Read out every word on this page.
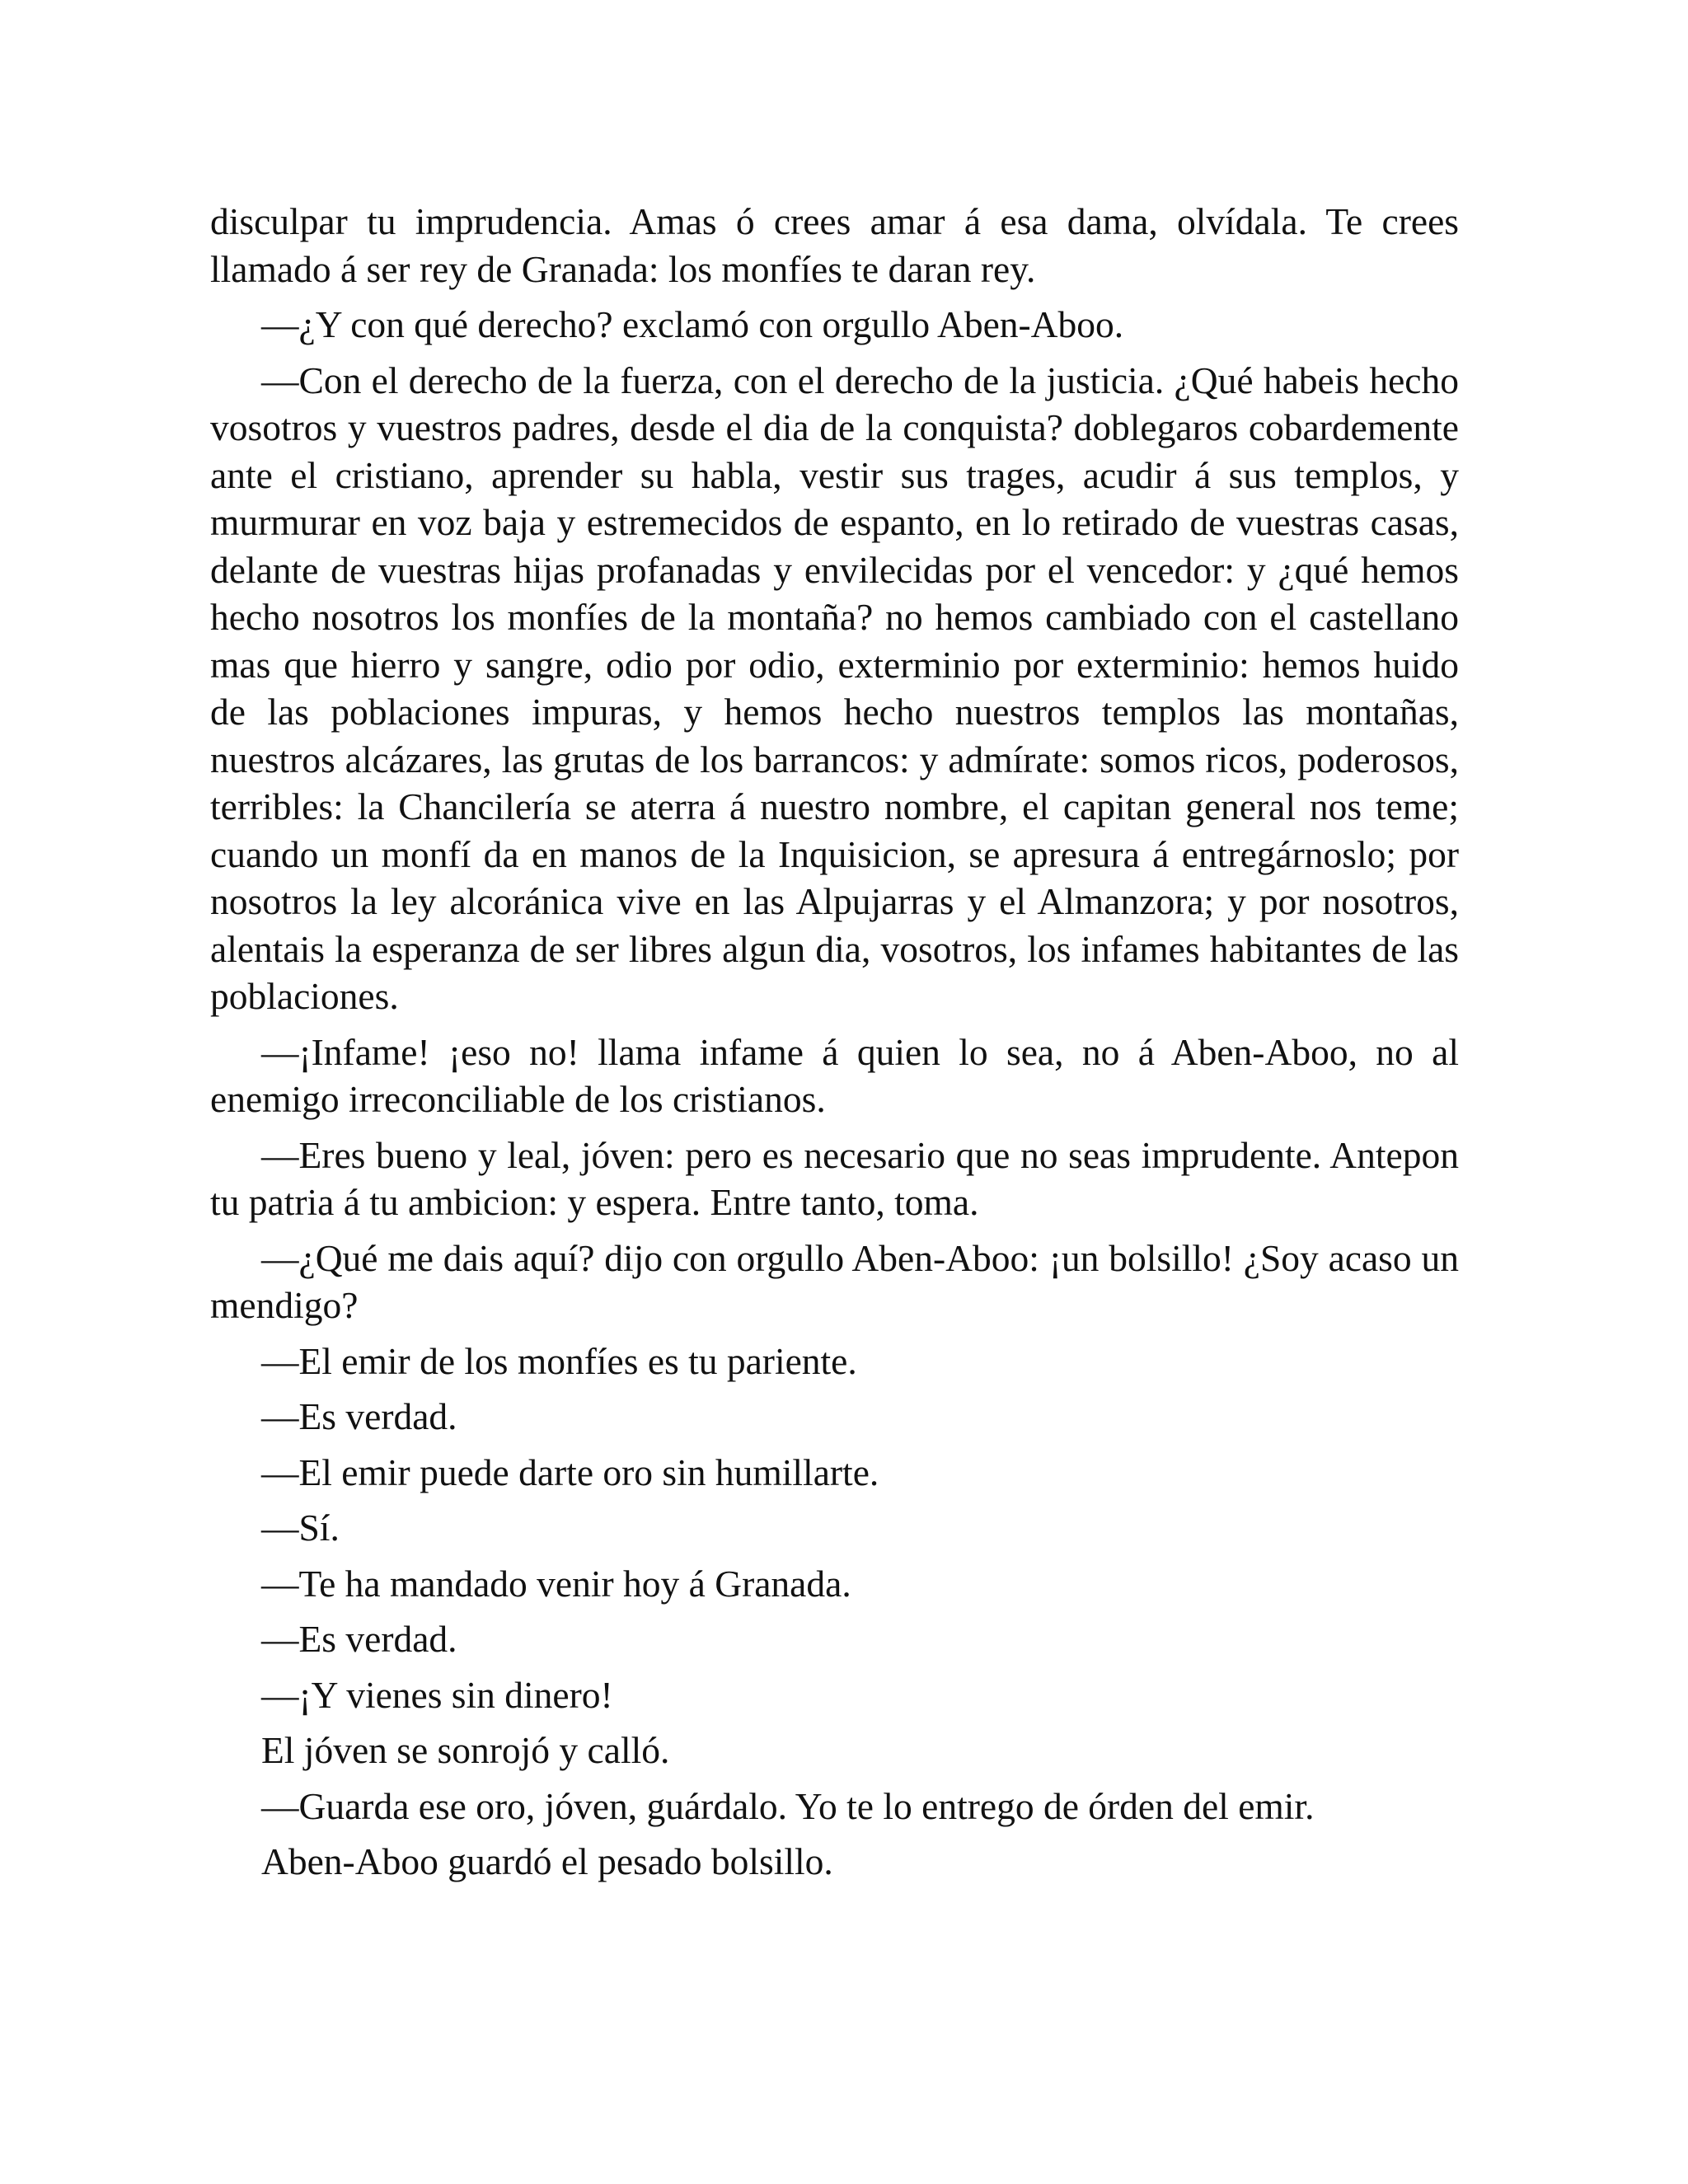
disculpar tu imprudencia. Amas ó crees amar á esa dama, olvídala. Te crees llamado á ser rey de Granada: los monfíes te daran rey.

—¿Y con qué derecho? exclamó con orgullo Aben-Aboo.

—Con el derecho de la fuerza, con el derecho de la justicia. ¿Qué habeis hecho vosotros y vuestros padres, desde el dia de la conquista? doblegaros cobardemente ante el cristiano, aprender su habla, vestir sus trages, acudir á sus templos, y murmurar en voz baja y estremecidos de espanto, en lo retirado de vuestras casas, delante de vuestras hijas profanadas y envilecidas por el vencedor: y ¿qué hemos hecho nosotros los monfíes de la montaña? no hemos cambiado con el castellano mas que hierro y sangre, odio por odio, exterminio por exterminio: hemos huido de las poblaciones impuras, y hemos hecho nuestros templos las montañas, nuestros alcázares, las grutas de los barrancos: y admírate: somos ricos, poderosos, terribles: la Chancilería se aterra á nuestro nombre, el capitan general nos teme; cuando un monfí da en manos de la Inquisicion, se apresura á entregárnoslo; por nosotros la ley alcoránica vive en las Alpujarras y el Almanzora; y por nosotros, alentais la esperanza de ser libres algun dia, vosotros, los infames habitantes de las poblaciones.

—¡Infame! ¡eso no! llama infame á quien lo sea, no á Aben-Aboo, no al enemigo irreconciliable de los cristianos.

—Eres bueno y leal, jóven: pero es necesario que no seas imprudente. Antepon tu patria á tu ambicion: y espera. Entre tanto, toma.

—¿Qué me dais aquí? dijo con orgullo Aben-Aboo: ¡un bolsillo! ¿Soy acaso un mendigo?

—El emir de los monfíes es tu pariente.

—Es verdad.

—El emir puede darte oro sin humillarte.

—Sí.

—Te ha mandado venir hoy á Granada.

—Es verdad.

—¡Y vienes sin dinero!

El jóven se sonrojó y calló.

—Guarda ese oro, jóven, guárdalo. Yo te lo entrego de órden del emir.

Aben-Aboo guardó el pesado bolsillo.
